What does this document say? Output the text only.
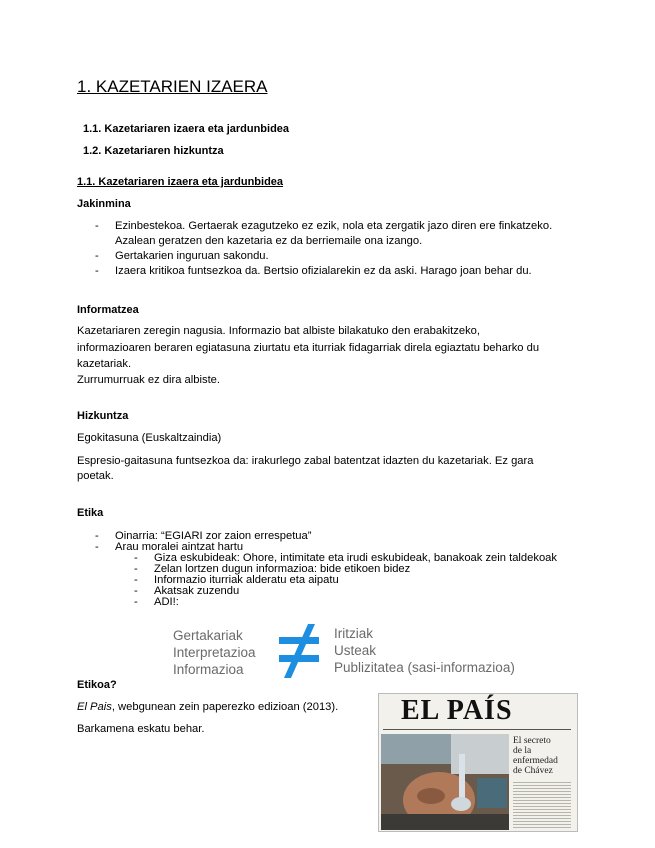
1. KAZETARIEN IZAERA
1.1. Kazetariaren izaera eta jardunbidea
1.2. Kazetariaren hizkuntza
1.1. Kazetariaren izaera eta jardunbidea
Jakinmina
- Ezinbestekoa. Gertaerak ezagutzeko ez ezik, nola eta zergatik jazo diren ere finkatzeko.
Azalean geratzen den kazetaria ez da berriemaile ona izango.
- Gertakarien inguruan sakondu.
- Izaera kritikoa funtsezkoa da. Bertsio ofizialarekin ez da aski. Harago joan behar du.
Informatzea
Kazetariaren zeregin nagusia. Informazio bat albiste bilakatuko den erabakitzeko,
informazioaren beraren egiatasuna ziurtatu eta iturriak fidagarriak direla egiaztatu beharko du
kazetariak.
Zurrumurruak ez dira albiste.
Hizkuntza
Egokitasuna (Euskaltzaindia)
Espresio-gaitasuna funtsezkoa da: irakurlego zabal batentzat idazten du kazetariak. Ez gara
poetak.
Etika
- Oinarria: “EGIARI zor zaion errespetua”
- Arau moralei aintzat hartu
- Giza eskubideak: Ohore, intimitate eta irudi eskubideak, banakoak zein taldekoak
- Zelan lortzen dugun informazioa: bide etikoen bidez
- Informazio iturriak alderatu eta aipatu
- Akatsak zuzendu
- ADI!:
Gertakariak
Interpretazioa
Informazioa
Iritziak
Usteak
Publizitatea (sasi-informazioa)
Etikoa?
El Pais, webgunean zein paperezko edizioan (2013).
Barkamena eskatu behar.
EL PAÍS
El secreto
de la
enfermedad
de Chávez
